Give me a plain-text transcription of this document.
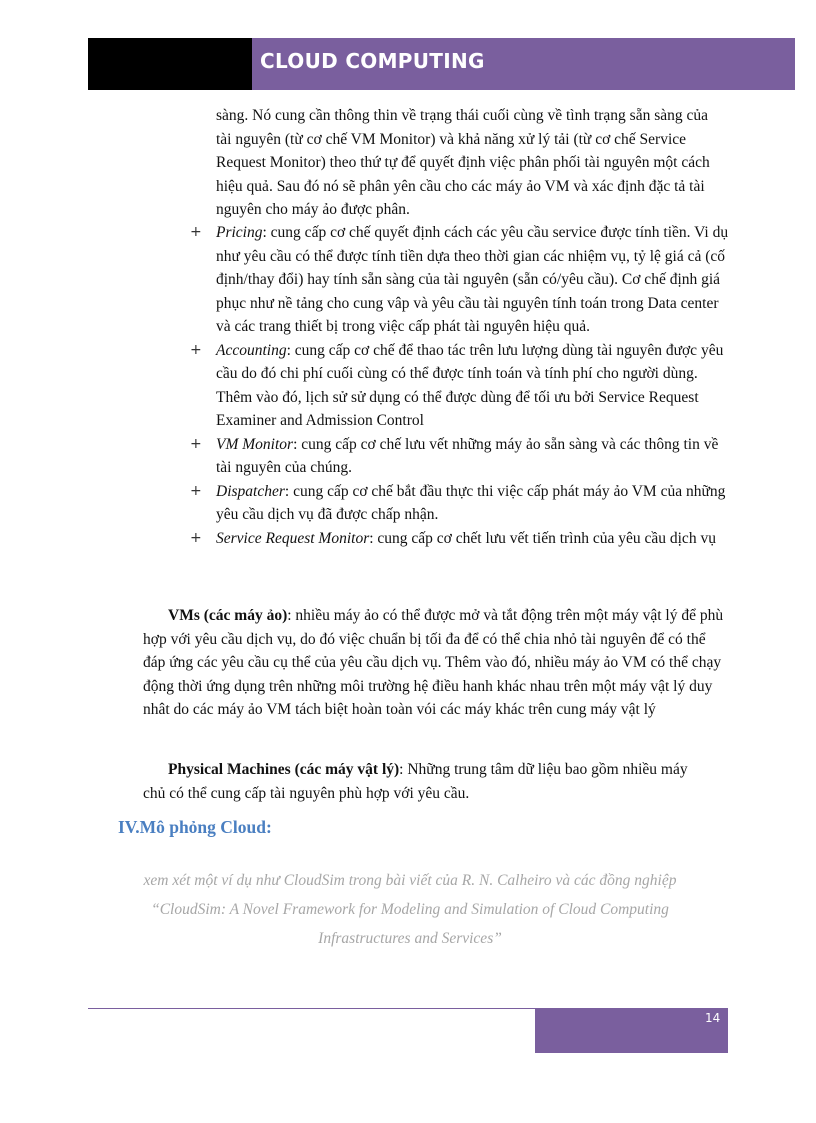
CLOUD COMPUTING
sàng. Nó cung cần thông thin về trạng thái cuối cùng về tình trạng sẵn sàng của tài nguyên (từ cơ chế VM Monitor) và khả năng xử lý tải (từ cơ chế Service Request Monitor) theo thứ tự để quyết định việc phân phối tài nguyên một cách hiệu quả. Sau đó nó sẽ phân yên cầu cho các máy ảo VM và xác định đặc tả tài nguyên cho máy ảo được phân.
+ Pricing: cung cấp cơ chế quyết định cách các yêu cầu service được tính tiền. Vi dụ như yêu cầu có thể được tính tiền dựa theo thời gian các nhiệm vụ, tỷ lệ giá cả (cố định/thay đổi) hay tính sẵn sàng của tài nguyên (sẵn có/yêu cầu). Cơ chế định giá phục như nề tảng cho cung vâp và yêu cầu tài nguyên tính toán trong Data center và các trang thiết bị trong việc cấp phát tài nguyên hiệu quả.
+ Accounting: cung cấp cơ chế để thao tác trên lưu lượng dùng tài nguyên được yêu cầu do đó chi phí cuối cùng có thể được tính toán và tính phí cho người dùng. Thêm vào đó, lịch sử sử dụng có thể được dùng để tối ưu bởi Service Request Examiner and Admission Control
+ VM Monitor: cung cấp cơ chế lưu vết những máy ảo sẵn sàng và các thông tin về tài nguyên của chúng.
+ Dispatcher: cung cấp cơ chế bắt đầu thực thi việc cấp phát máy ảo VM của những yêu cầu dịch vụ đã được chấp nhận.
+ Service Request Monitor: cung cấp cơ chết lưu vết tiến trình của yêu cầu dịch vụ
VMs (các máy ảo): nhiều máy ảo có thể được mở và tắt động trên một máy vật lý để phù hợp với yêu cầu dịch vụ, do đó việc chuẩn bị tối đa để có thể chia nhỏ tài nguyên để có thể đáp ứng các yêu cầu cụ thể của yêu cầu dịch vụ. Thêm vào đó, nhiều máy ảo VM có thể chạy động thời ứng dụng trên những môi trường hệ điều hanh khác nhau trên một máy vật lý duy nhât do các máy ảo VM tách biệt hoàn toàn vói các máy khác trên cung máy vật lý
Physical Machines (các máy vật lý): Những trung tâm dữ liệu bao gồm nhiều máy chủ có thể cung cấp tài nguyên phù hợp với yêu cầu.
IV.Mô phỏng Cloud:
xem xét một ví dụ như CloudSim trong bài viết của R. N. Calheiro và các đồng nghiệp “CloudSim: A Novel Framework for Modeling and Simulation of Cloud Computing Infrastructures and Services”
14
